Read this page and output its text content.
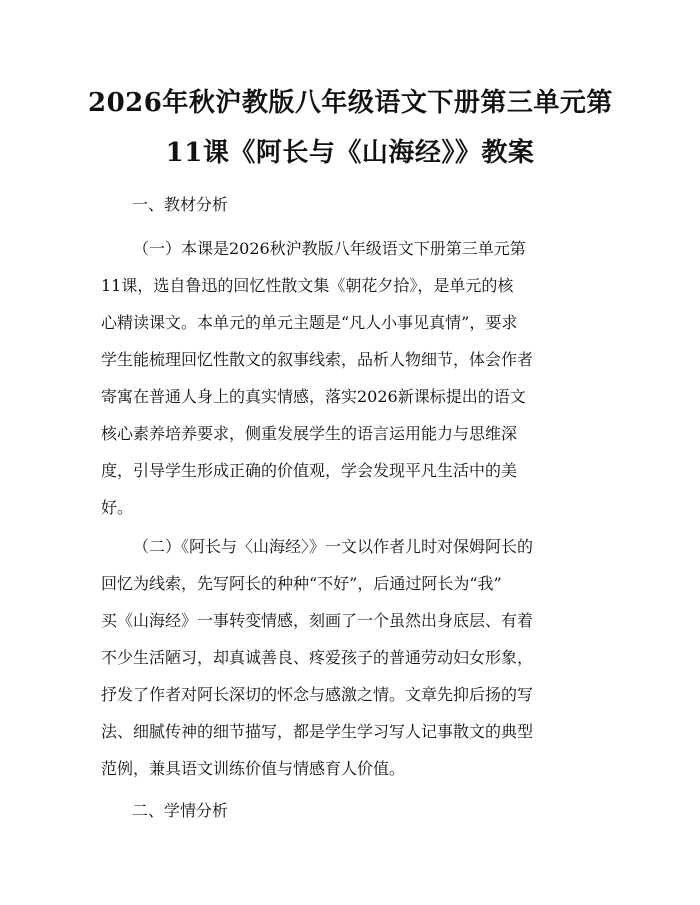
2026年秋沪教版八年级语文下册第三单元第
11课《阿长与《山海经》》教案
一、教材分析
（一）本课是2026秋沪教版八年级语文下册第三单元第
11课，选自鲁迅的回忆性散文集《朝花夕拾》，是单元的核
心精读课文。本单元的单元主题是“凡人小事见真情”，要求
学生能梳理回忆性散文的叙事线索，品析人物细节，体会作者
寄寓在普通人身上的真实情感，落实2026新课标提出的语文
核心素养培养要求，侧重发展学生的语言运用能力与思维深
度，引导学生形成正确的价值观，学会发现平凡生活中的美
好。
（二）《阿长与〈山海经〉》一文以作者儿时对保姆阿长的
回忆为线索，先写阿长的种种“不好”，后通过阿长为“我”
买《山海经》一事转变情感，刻画了一个虽然出身底层、有着
不少生活陋习，却真诚善良、疼爱孩子的普通劳动妇女形象，
抒发了作者对阿长深切的怀念与感激之情。文章先抑后扬的写
法、细腻传神的细节描写，都是学生学习写人记事散文的典型
范例，兼具语文训练价值与情感育人价值。
二、学情分析
